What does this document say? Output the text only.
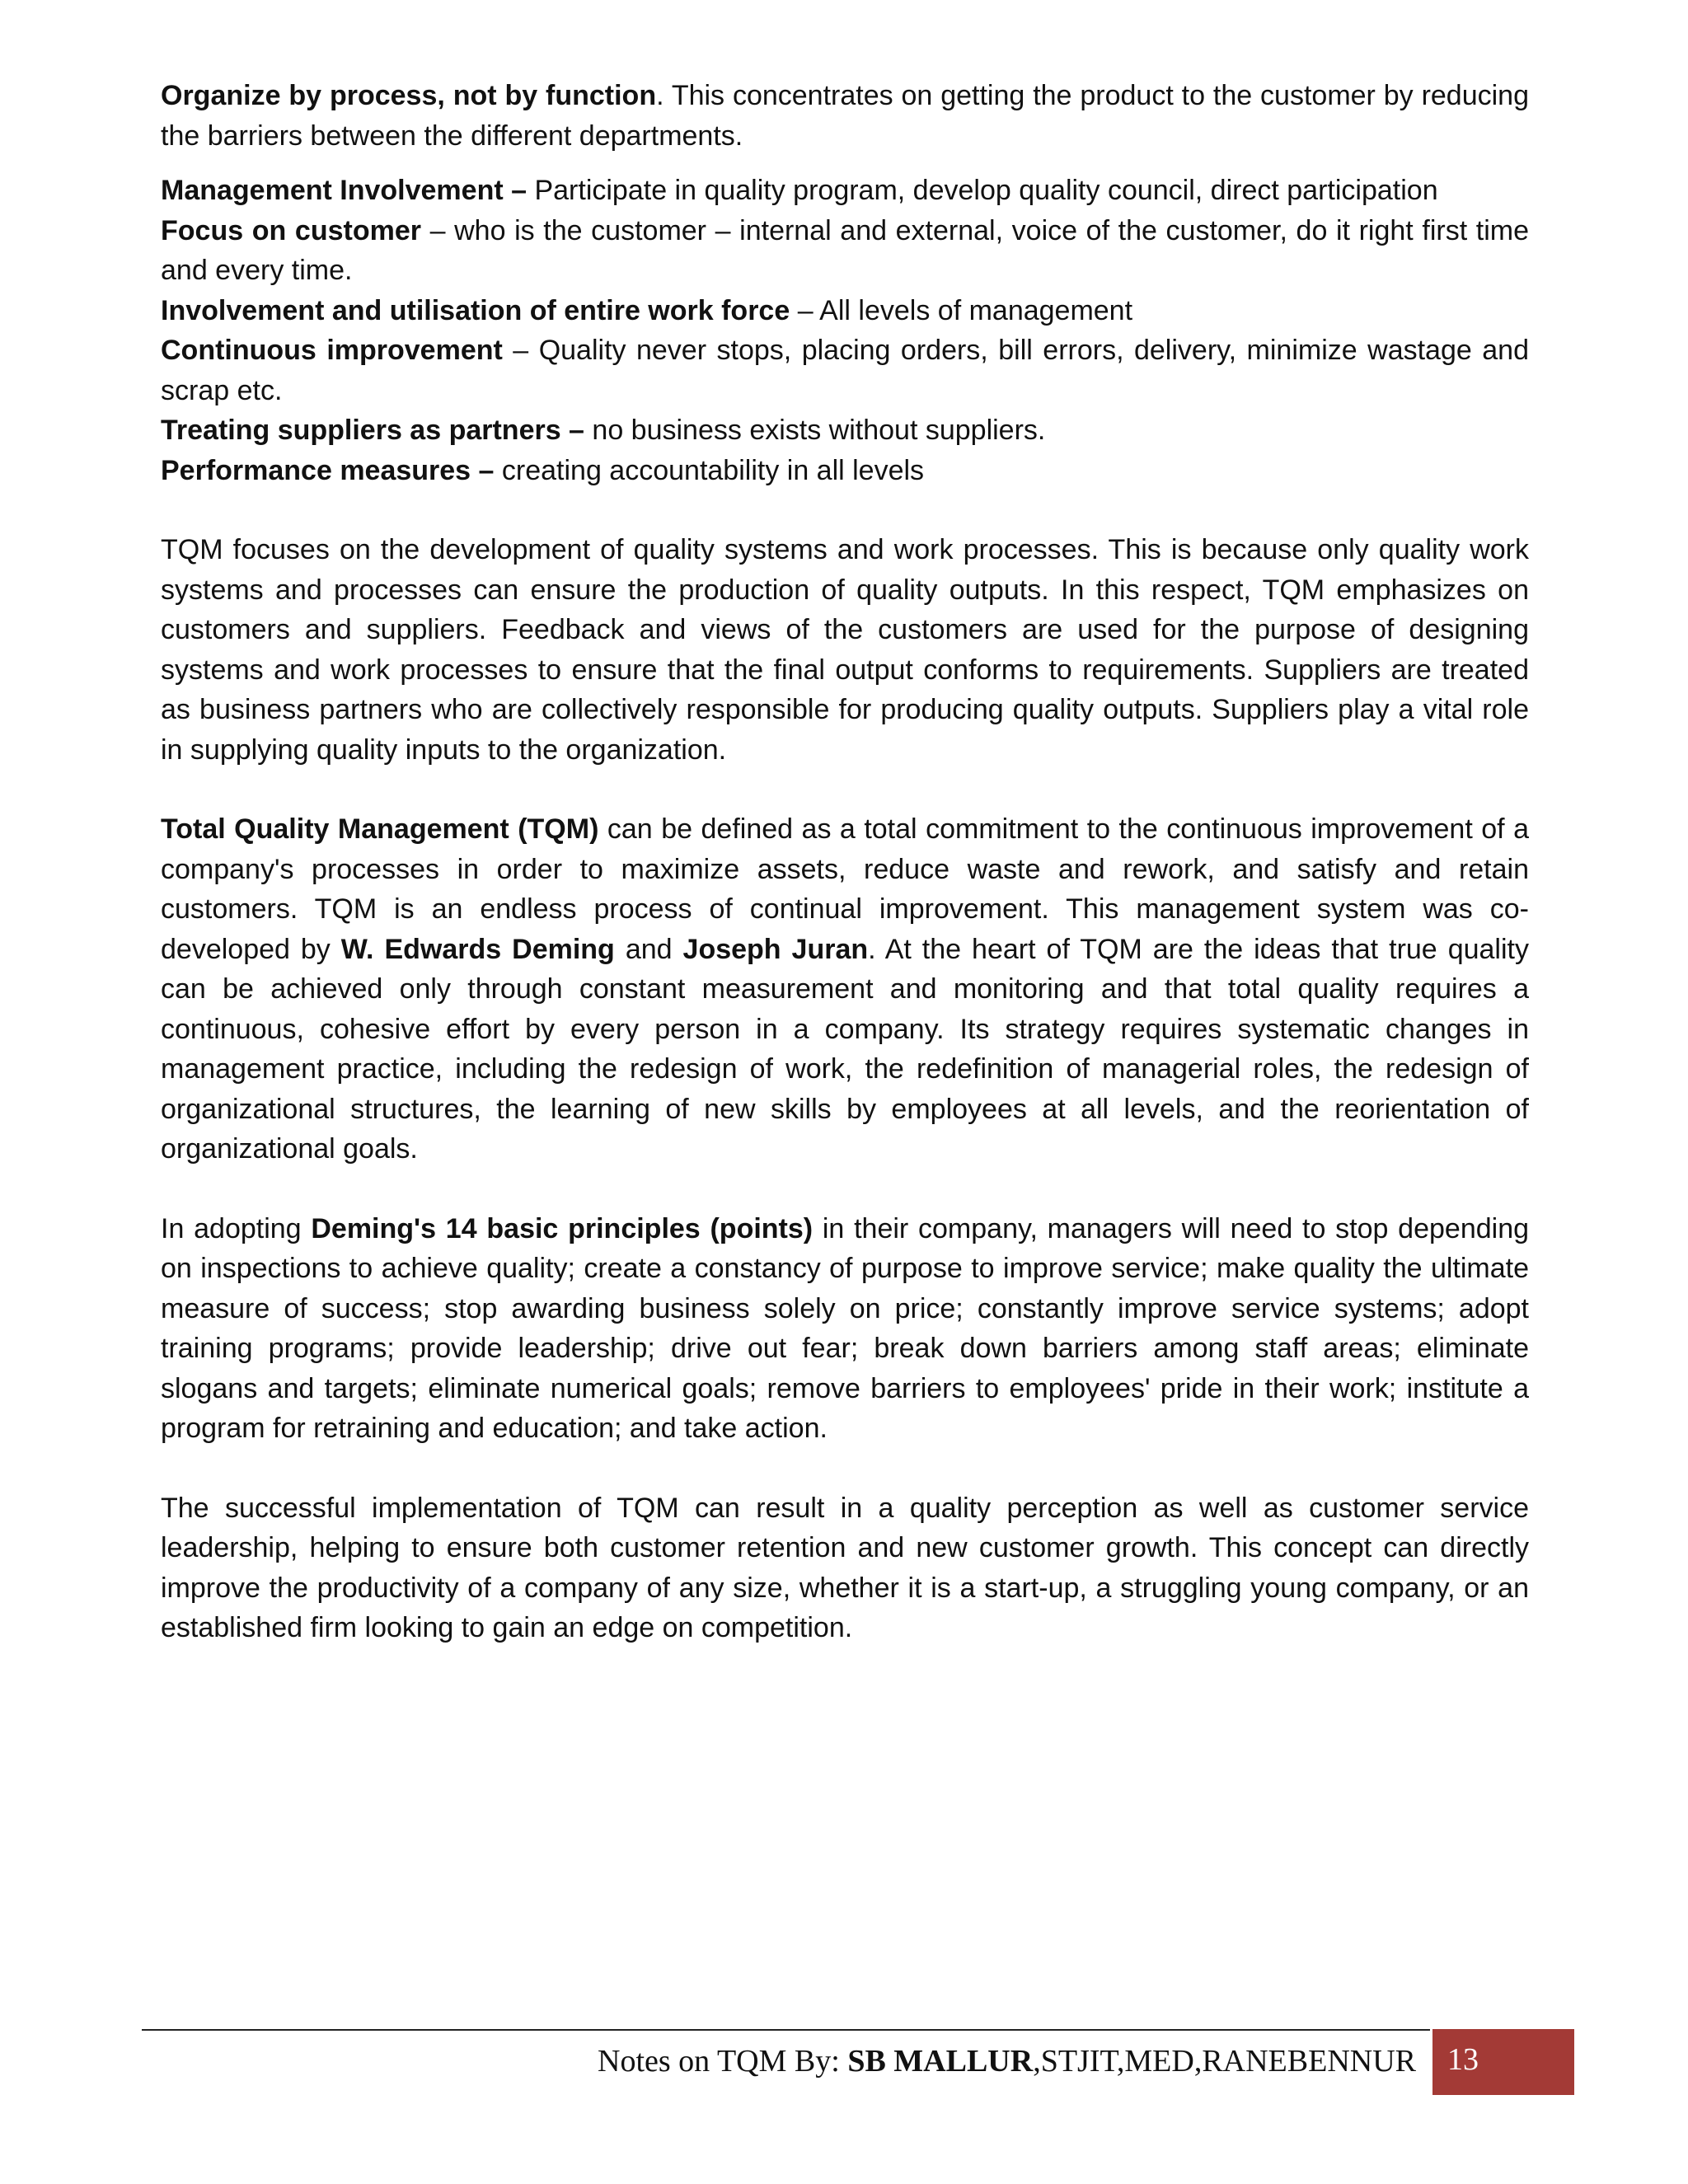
Organize by process, not by function. This concentrates on getting the product to the customer by reducing the barriers between the different departments.

Management Involvement – Participate in quality program, develop quality council, direct participation

Focus on customer – who is the customer – internal and external, voice of the customer, do it right first time and every time.

Involvement and utilisation of entire work force – All levels of management

Continuous improvement – Quality never stops, placing orders, bill errors, delivery, minimize wastage and scrap etc.

Treating suppliers as partners – no business exists without suppliers.

Performance measures – creating accountability in all levels

TQM focuses on the development of quality systems and work processes. This is because only quality work systems and processes can ensure the production of quality outputs. In this respect, TQM emphasizes on customers and suppliers. Feedback and views of the customers are used for the purpose of designing systems and work processes to ensure that the final output conforms to requirements. Suppliers are treated as business partners who are collectively responsible for producing quality outputs. Suppliers play a vital role in supplying quality inputs to the organization.

Total Quality Management (TQM) can be defined as a total commitment to the continuous improvement of a company's processes in order to maximize assets, reduce waste and rework, and satisfy and retain customers. TQM is an endless process of continual improvement. This management system was co-developed by W. Edwards Deming and Joseph Juran. At the heart of TQM are the ideas that true quality can be achieved only through constant measurement and monitoring and that total quality requires a continuous, cohesive effort by every person in a company. Its strategy requires systematic changes in management practice, including the redesign of work, the redefinition of managerial roles, the redesign of organizational structures, the learning of new skills by employees at all levels, and the reorientation of organizational goals.

In adopting Deming's 14 basic principles (points) in their company, managers will need to stop depending on inspections to achieve quality; create a constancy of purpose to improve service; make quality the ultimate measure of success; stop awarding business solely on price; constantly improve service systems; adopt training programs; provide leadership; drive out fear; break down barriers among staff areas; eliminate slogans and targets; eliminate numerical goals; remove barriers to employees' pride in their work; institute a program for retraining and education; and take action.

The successful implementation of TQM can result in a quality perception as well as customer service leadership, helping to ensure both customer retention and new customer growth. This concept can directly improve the productivity of a company of any size, whether it is a start-up, a struggling young company, or an established firm looking to gain an edge on competition.

Notes on TQM By: SB MALLUR,STJIT,MED,RANEBENNUR 13
